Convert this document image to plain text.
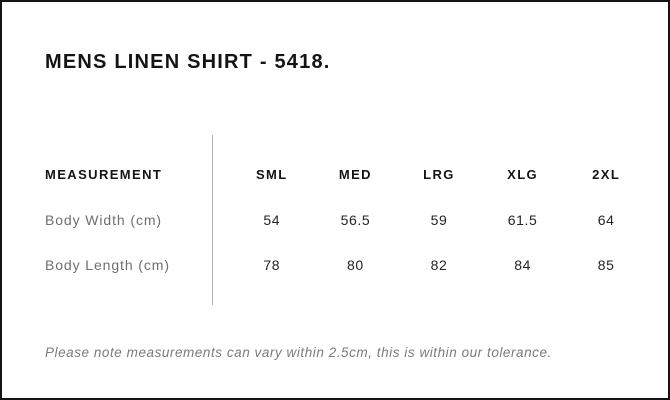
MENS LINEN SHIRT - 5418.
MEASUREMENT	SML	MED	LRG	XLG	2XL
Body Width (cm)	54	56.5	59	61.5	64
Body Length (cm)	78	80	82	84	85

Please note measurements can vary within 2.5cm, this is within our tolerance.
